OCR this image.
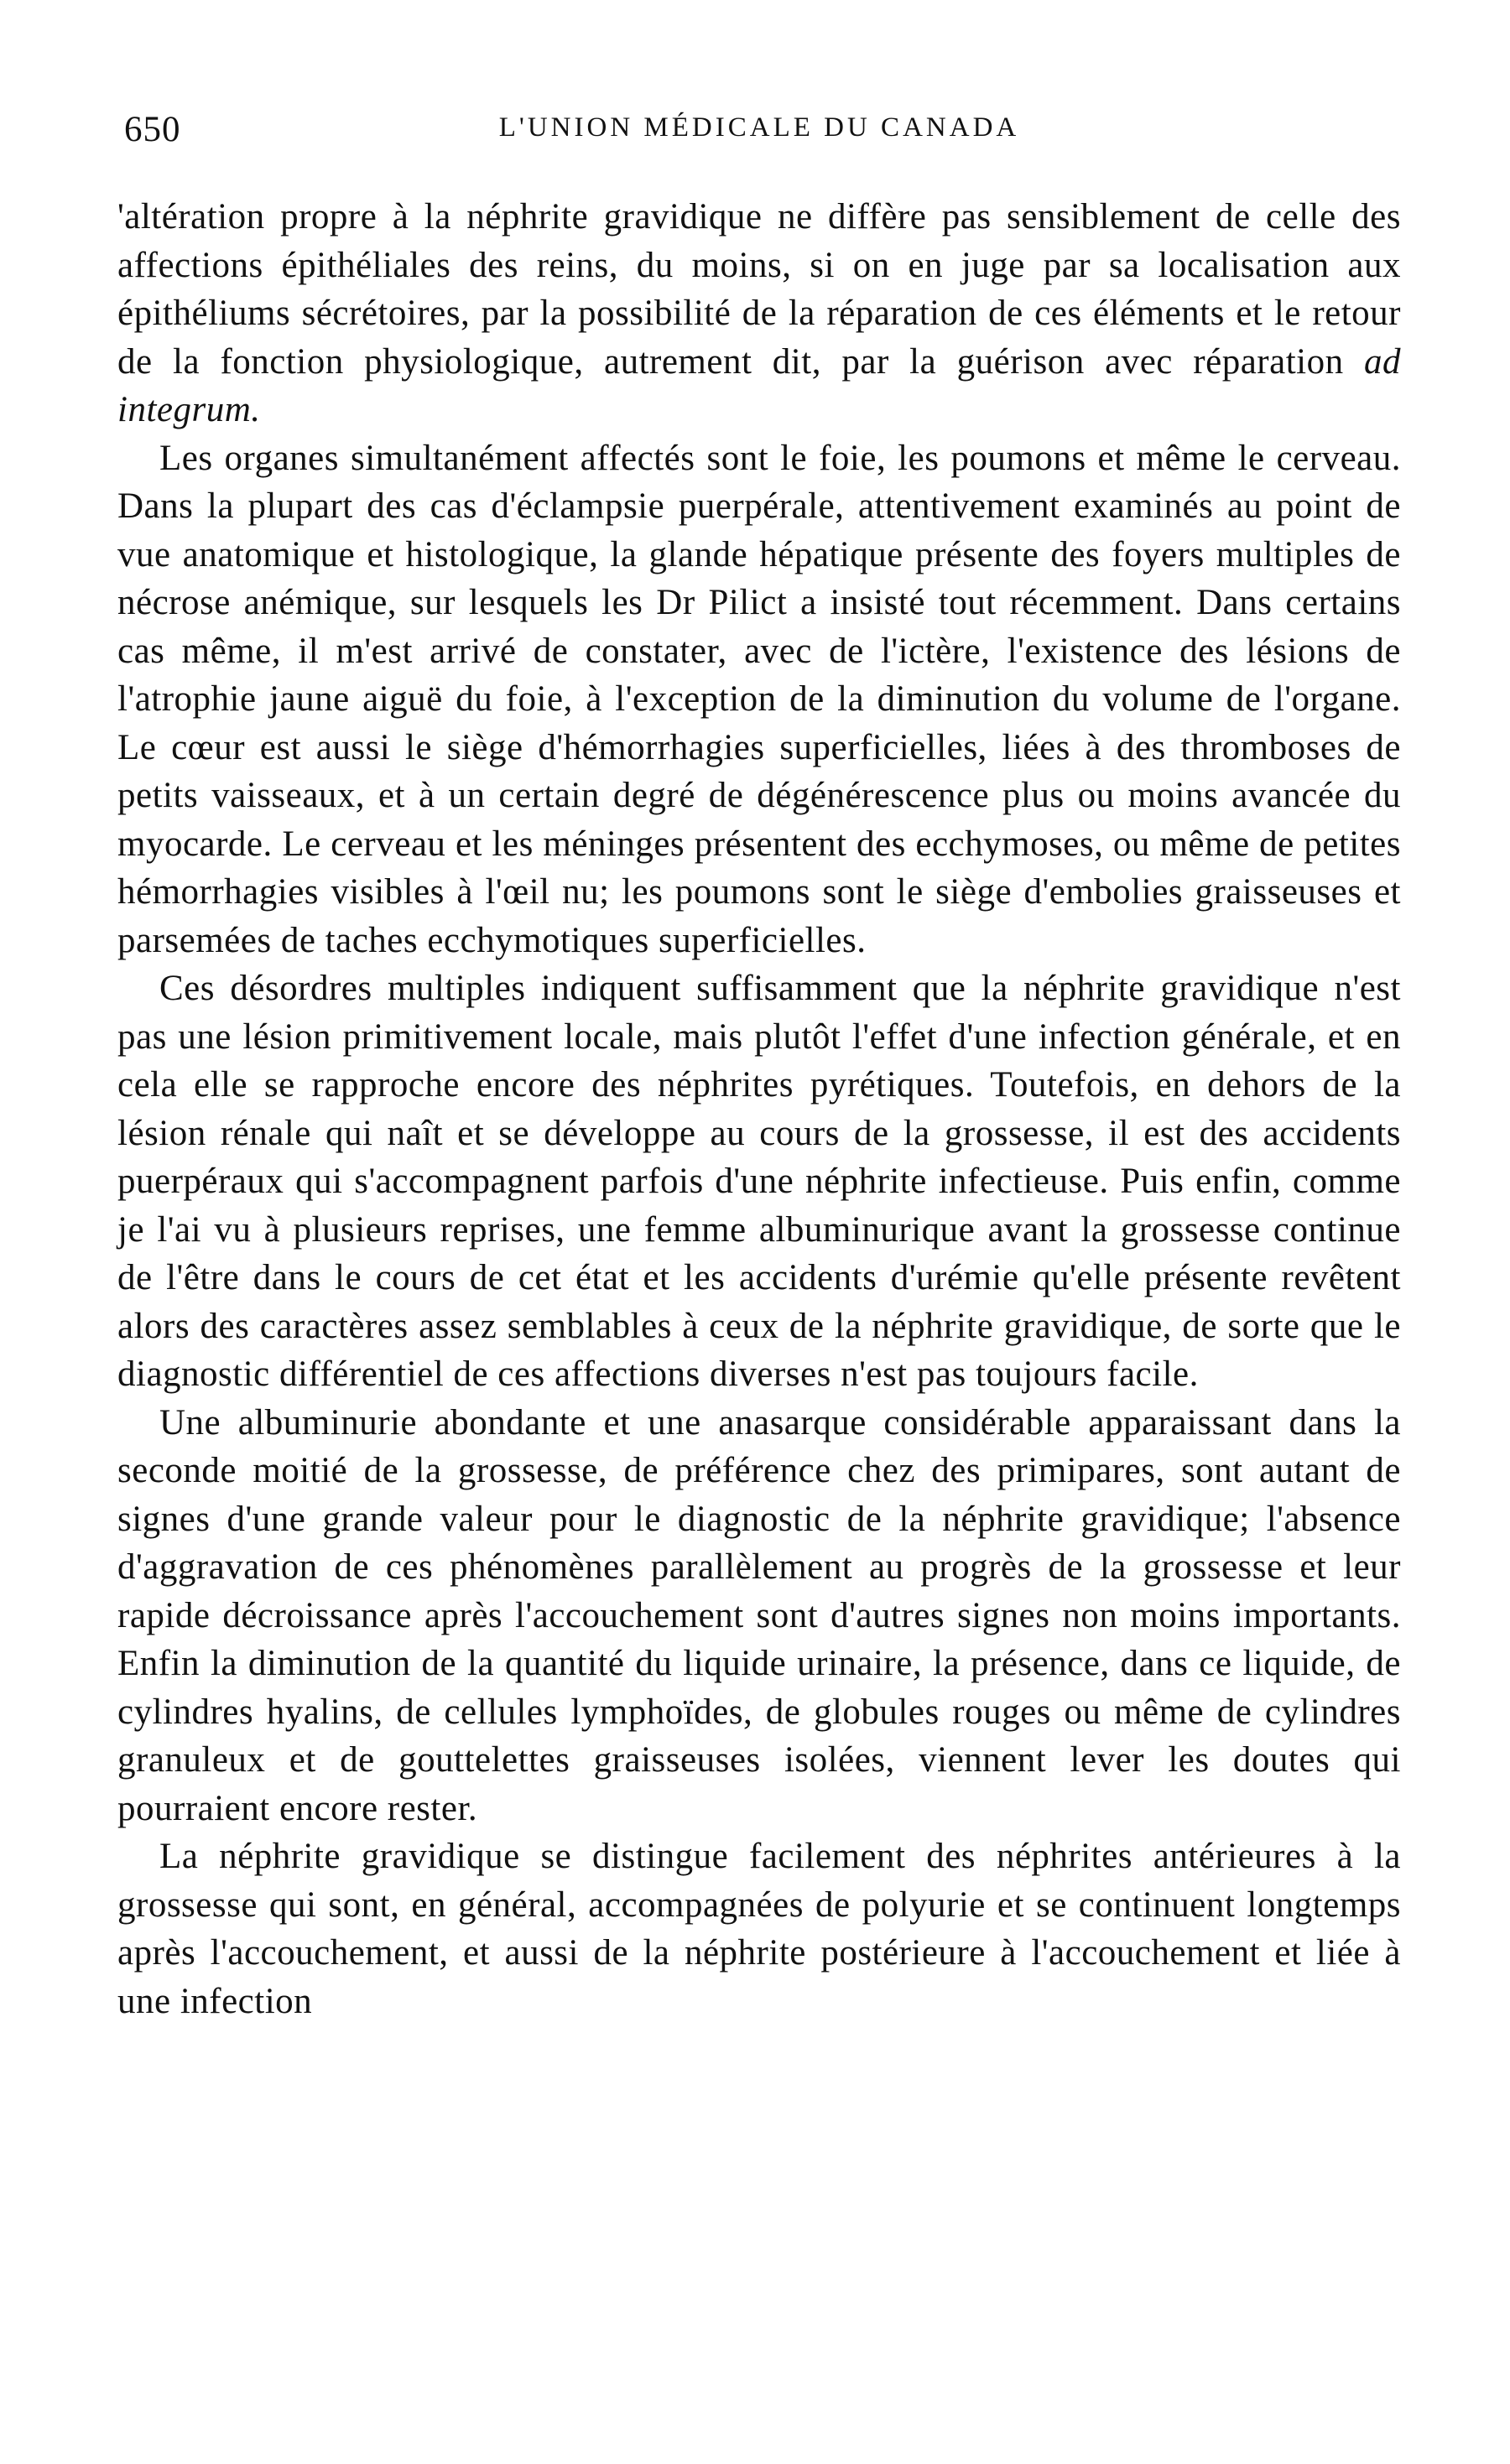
650	L'UNION MÉDICALE DU CANADA

'altération propre à la néphrite gravidique ne diffère pas sensiblement de celle des affections épithéliales des reins, du moins, si on en juge par sa localisation aux épithéliums sécrétoires, par la possibilité de la réparation de ces éléments et le retour de la fonction physiologique, autrement dit, par la guérison avec réparation ad integrum.

Les organes simultanément affectés sont le foie, les poumons et même le cerveau. Dans la plupart des cas d'éclampsie puerpérale, attentivement examinés au point de vue anatomique et histologique, la glande hépatique présente des foyers multiples de nécrose anémique, sur lesquels les Dr Pilict a insisté tout récemment. Dans certains cas même, il m'est arrivé de constater, avec de l'ictère, l'existence des lésions de l'atrophie jaune aiguë du foie, à l'exception de la diminution du volume de l'organe. Le cœur est aussi le siège d'hémorrhagies superficielles, liées à des thromboses de petits vaisseaux, et à un certain degré de dégénérescence plus ou moins avancée du myocarde. Le cerveau et les méninges présentent des ecchymoses, ou même de petites hémorrhagies visibles à l'œil nu; les poumons sont le siège d'embolies graisseuses et parsemées de taches ecchymotiques superficielles.

Ces désordres multiples indiquent suffisamment que la néphrite gravidique n'est pas une lésion primitivement locale, mais plutôt l'effet d'une infection générale, et en cela elle se rapproche encore des néphrites pyrétiques. Toutefois, en dehors de la lésion rénale qui naît et se développe au cours de la grossesse, il est des accidents puerpéraux qui s'accompagnent parfois d'une néphrite infectieuse. Puis enfin, comme je l'ai vu à plusieurs reprises, une femme albuminurique avant la grossesse continue de l'être dans le cours de cet état et les accidents d'urémie qu'elle présente revêtent alors des caractères assez semblables à ceux de la néphrite gravidique, de sorte que le diagnostic différentiel de ces affections diverses n'est pas toujours facile.

Une albuminurie abondante et une anasarque considérable apparaissant dans la seconde moitié de la grossesse, de préférence chez des primipares, sont autant de signes d'une grande valeur pour le diagnostic de la néphrite gravidique; l'absence d'aggravation de ces phénomènes parallèlement au progrès de la grossesse et leur rapide décroissance après l'accouchement sont d'autres signes non moins importants. Enfin la diminution de la quantité du liquide urinaire, la présence, dans ce liquide, de cylindres hyalins, de cellules lymphoïdes, de globules rouges ou même de cylindres granuleux et de gouttelettes graisseuses isolées, viennent lever les doutes qui pourraient encore rester.

La néphrite gravidique se distingue facilement des néphrites antérieures à la grossesse qui sont, en général, accompagnées de polyurie et se continuent longtemps après l'accouchement, et aussi de la néphrite postérieure à l'accouchement et liée à une infection
